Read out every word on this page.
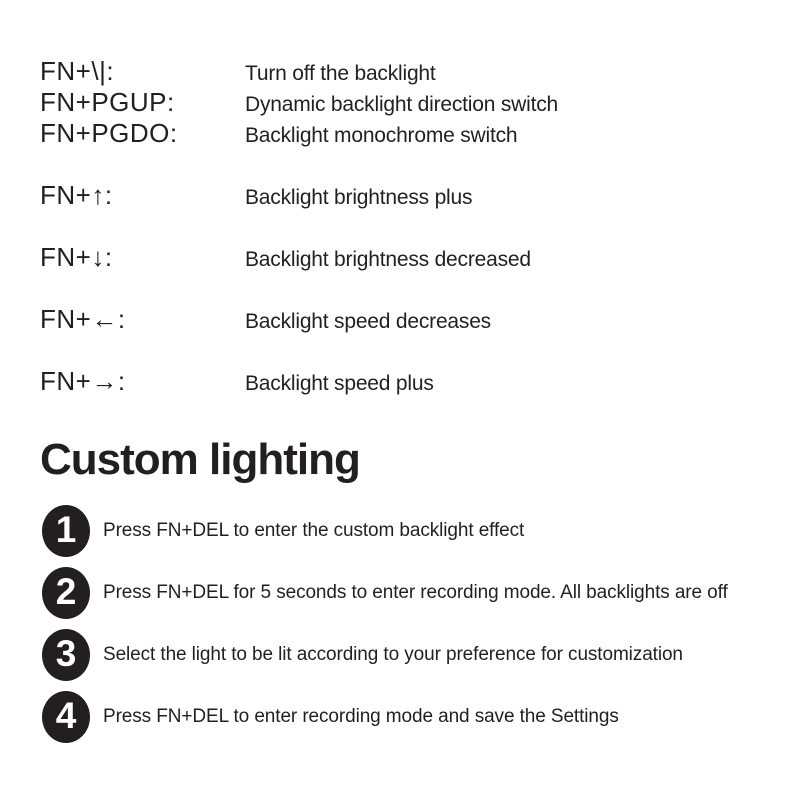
FN+\|:	Turn off the backlight
FN+PGUP:	Dynamic backlight direction switch
FN+PGDO:	Backlight monochrome switch
FN+↑:	Backlight brightness plus
FN+↓:	Backlight brightness decreased
FN+←:	Backlight speed decreases
FN+→:	Backlight speed plus
Custom lighting
1	Press FN+DEL to enter the custom backlight effect
2	Press FN+DEL for 5 seconds to enter recording mode. All backlights are off
3	Select the light to be lit according to your preference for customization
4	Press FN+DEL to enter recording mode and save the Settings
